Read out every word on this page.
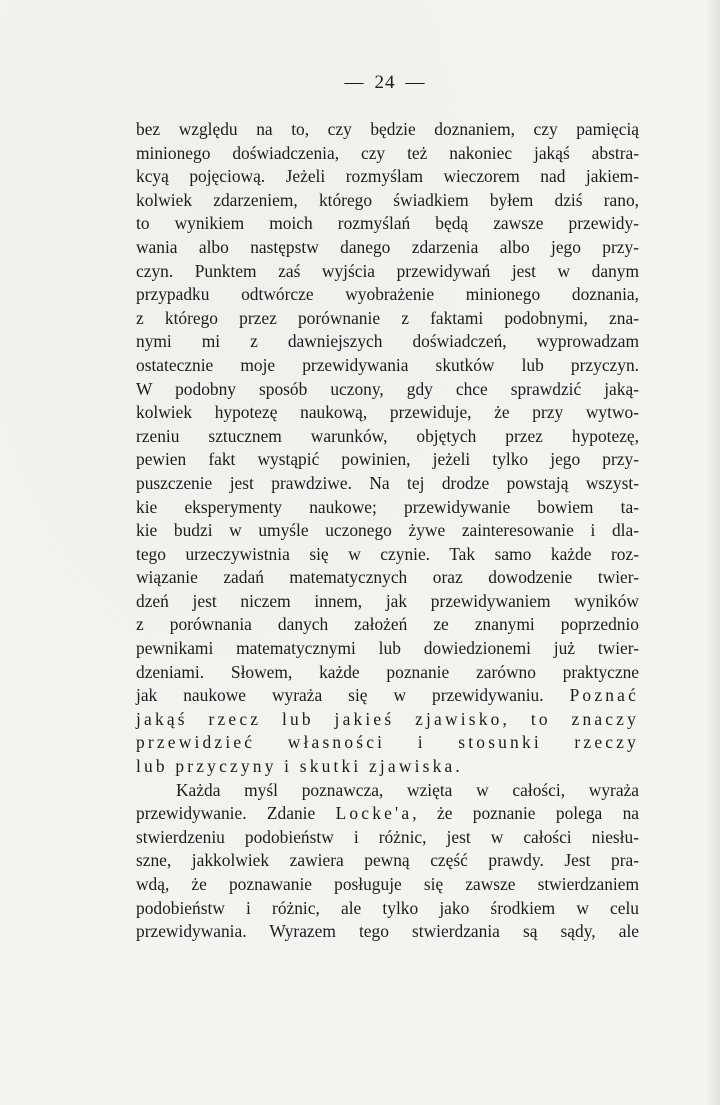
— 24 —
bez względu na to, czy będzie doznaniem, czy pamięcią
minionego doświadczenia, czy też nakoniec jakąś abstra-
kcyą pojęciową. Jeżeli rozmyślam wieczorem nad jakiem-
kolwiek zdarzeniem, którego świadkiem byłem dziś rano,
to wynikiem moich rozmyślań będą zawsze przewidy-
wania albo następstw danego zdarzenia albo jego przy-
czyn. Punktem zaś wyjścia przewidywań jest w danym
przypadku odtwórcze wyobrażenie minionego doznania,
z którego przez porównanie z faktami podobnymi, zna-
nymi mi z dawniejszych doświadczeń, wyprowadzam
ostatecznie moje przewidywania skutków lub przyczyn.
W podobny sposób uczony, gdy chce sprawdzić jaką-
kolwiek hypotezę naukową, przewiduje, że przy wytwo-
rzeniu sztucznem warunków, objętych przez hypotezę,
pewien fakt wystąpić powinien, jeżeli tylko jego przy-
puszczenie jest prawdziwe. Na tej drodze powstają wszyst-
kie eksperymenty naukowe; przewidywanie bowiem ta-
kie budzi w umyśle uczonego żywe zainteresowanie i dla-
tego urzeczywistnia się w czynie. Tak samo każde roz-
wiązanie zadań matematycznych oraz dowodzenie twier-
dzeń jest niczem innem, jak przewidywaniem wyników
z porównania danych założeń ze znanymi poprzednio
pewnikami matematycznymi lub dowiedzionemi już twier-
dzeniami. Słowem, każde poznanie zarówno praktyczne
jak naukowe wyraża się w przewidywaniu. Poznać
jakąś rzecz lub jakieś zjawisko, to znaczy
przewidzieć własności i stosunki rzeczy
lub przyczyny i skutki zjawiska.
Każda myśl poznawcza, wzięta w całości, wyraża
przewidywanie. Zdanie Locke'a, że poznanie polega na
stwierdzeniu podobieństw i różnic, jest w całości niesłu-
szne, jakkolwiek zawiera pewną część prawdy. Jest pra-
wdą, że poznawanie posługuje się zawsze stwierdzaniem
podobieństw i różnic, ale tylko jako środkiem w celu
przewidywania. Wyrazem tego stwierdzania są sądy, ale
